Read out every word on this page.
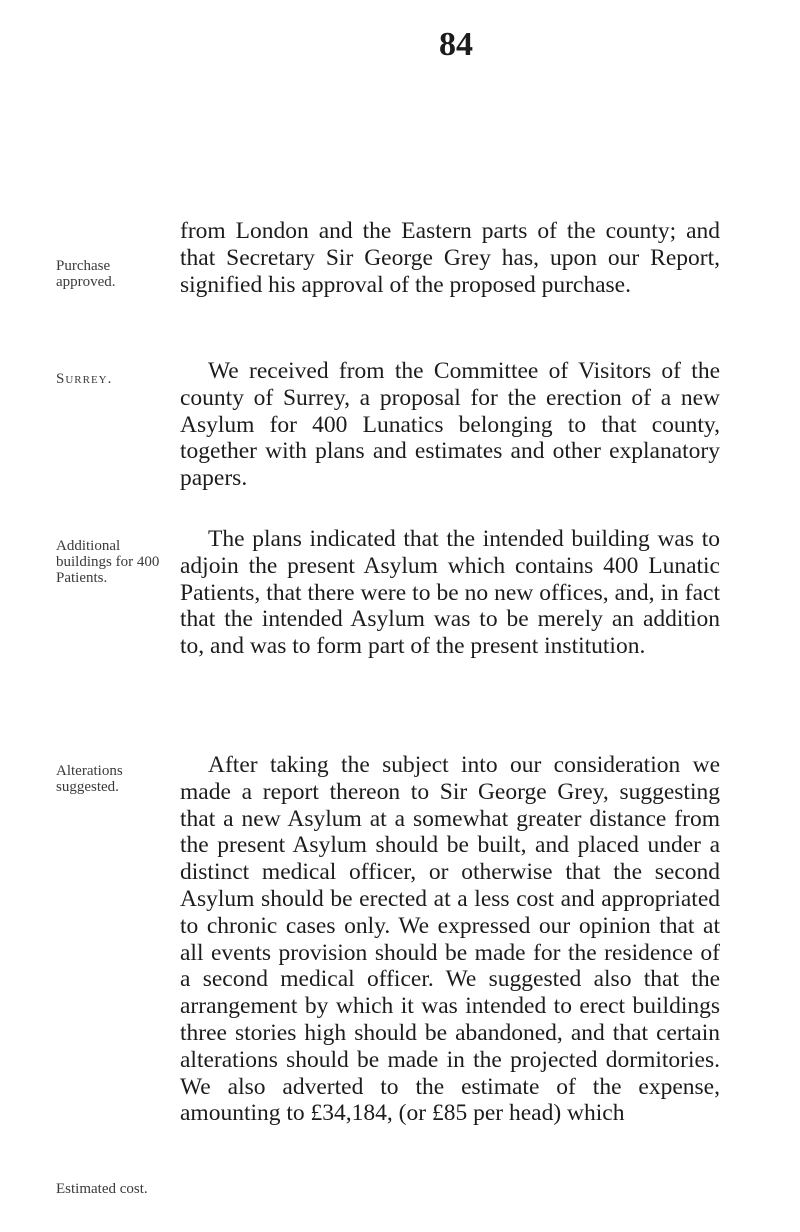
84
Purchase approved.
Surrey.
Additional buildings for 400 Patients.
Alterations suggested.
Estimated cost.

from London and the Eastern parts of the county; and that Secretary Sir George Grey has, upon our Report, signified his approval of the proposed purchase.

We received from the Committee of Visitors of the county of Surrey, a proposal for the erection of a new Asylum for 400 Lunatics belonging to that county, together with plans and estimates and other explanatory papers.

The plans indicated that the intended building was to adjoin the present Asylum which contains 400 Lunatic Patients, that there were to be no new offices, and, in fact that the intended Asylum was to be merely an addition to, and was to form part of the present institution.

After taking the subject into our consideration we made a report thereon to Sir George Grey, suggesting that a new Asylum at a somewhat greater distance from the present Asylum should be built, and placed under a distinct medical officer, or otherwise that the second Asylum should be erected at a less cost and appropriated to chronic cases only. We expressed our opinion that at all events provision should be made for the residence of a second medical officer. We suggested also that the arrangement by which it was intended to erect buildings three stories high should be abandoned, and that certain alterations should be made in the projected dormitories. We also adverted to the estimate of the expense, amounting to £34,184, (or £85 per head) which
